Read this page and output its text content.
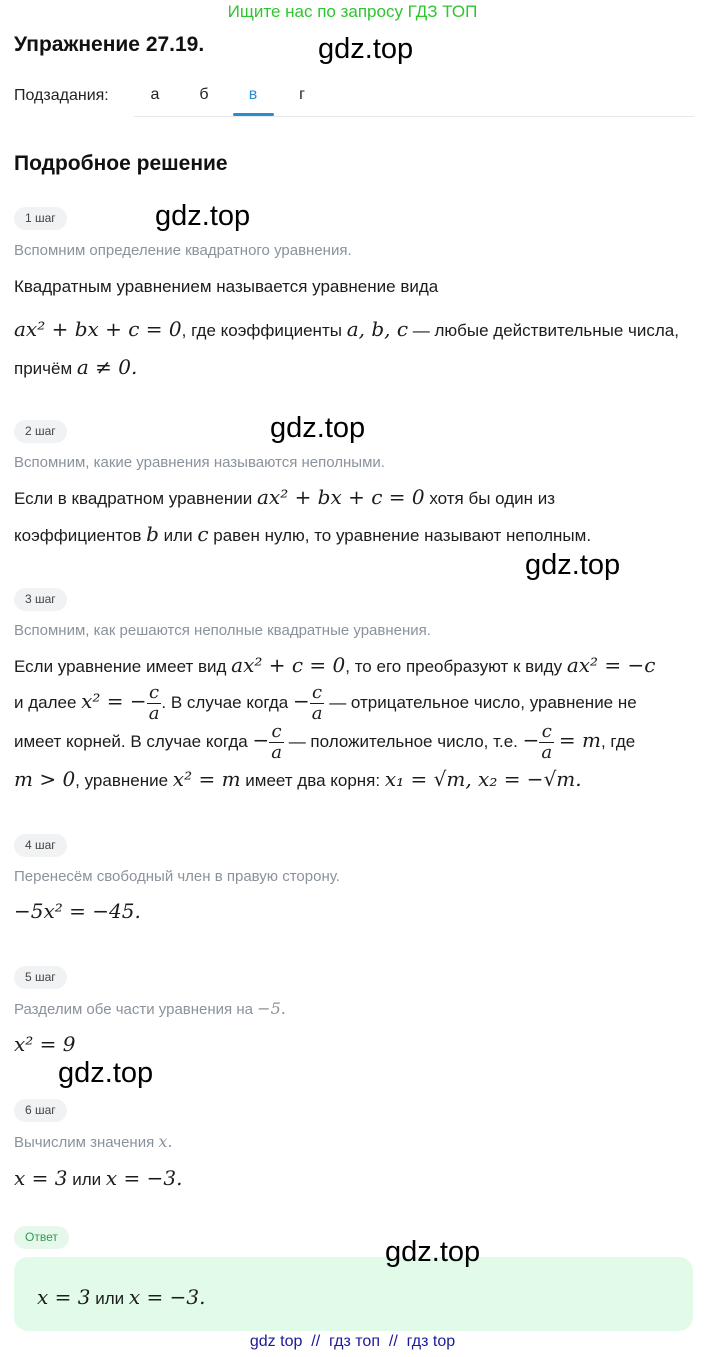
Ищите нас по запросу ГДЗ ТОП
Упражнение 27.19.	gdz.top
Подзадания:	а	б	в	г
Подробное решение
1 шаг	gdz.top
Вспомним определение квадратного уравнения.
Квадратным уравнением называется уравнение вида
ax² + bx + c = 0, где коэффициенты a, b, c — любые действительные числа,
причём a ≠ 0.
2 шаг	gdz.top
Вспомним, какие уравнения называются неполными.
Если в квадратном уравнении ax² + bx + c = 0 хотя бы один из
коэффициентов b или c равен нулю, то уравнение называют неполным.
gdz.top
3 шаг
Вспомним, как решаются неполные квадратные уравнения.
Если уравнение имеет вид ax² + c = 0, то его преобразуют к виду ax² = −c
и далее x² = − $\frac{c}{a}$ . В случае когда − $\frac{c}{a}$ — отрицательное число, уравнение не
имеет корней. В случае когда − $\frac{c}{a}$ — положительное число, т.е. − $\frac{c}{a} = m$, где
m > 0, уравнение x² = m имеет два корня: x₁ = √m, x₂ = −√m.
4 шаг
Перенесём свободный член в правую сторону.
−5x² = −45.
5 шаг
Разделим обе части уравнения на −5.
x² = 9
gdz.top
6 шаг
Вычислим значения x.
x = 3 или x = −3.
Ответ	gdz.top
x = 3 или x = −3.
gdz top  //  гдз топ  //  гдз top
